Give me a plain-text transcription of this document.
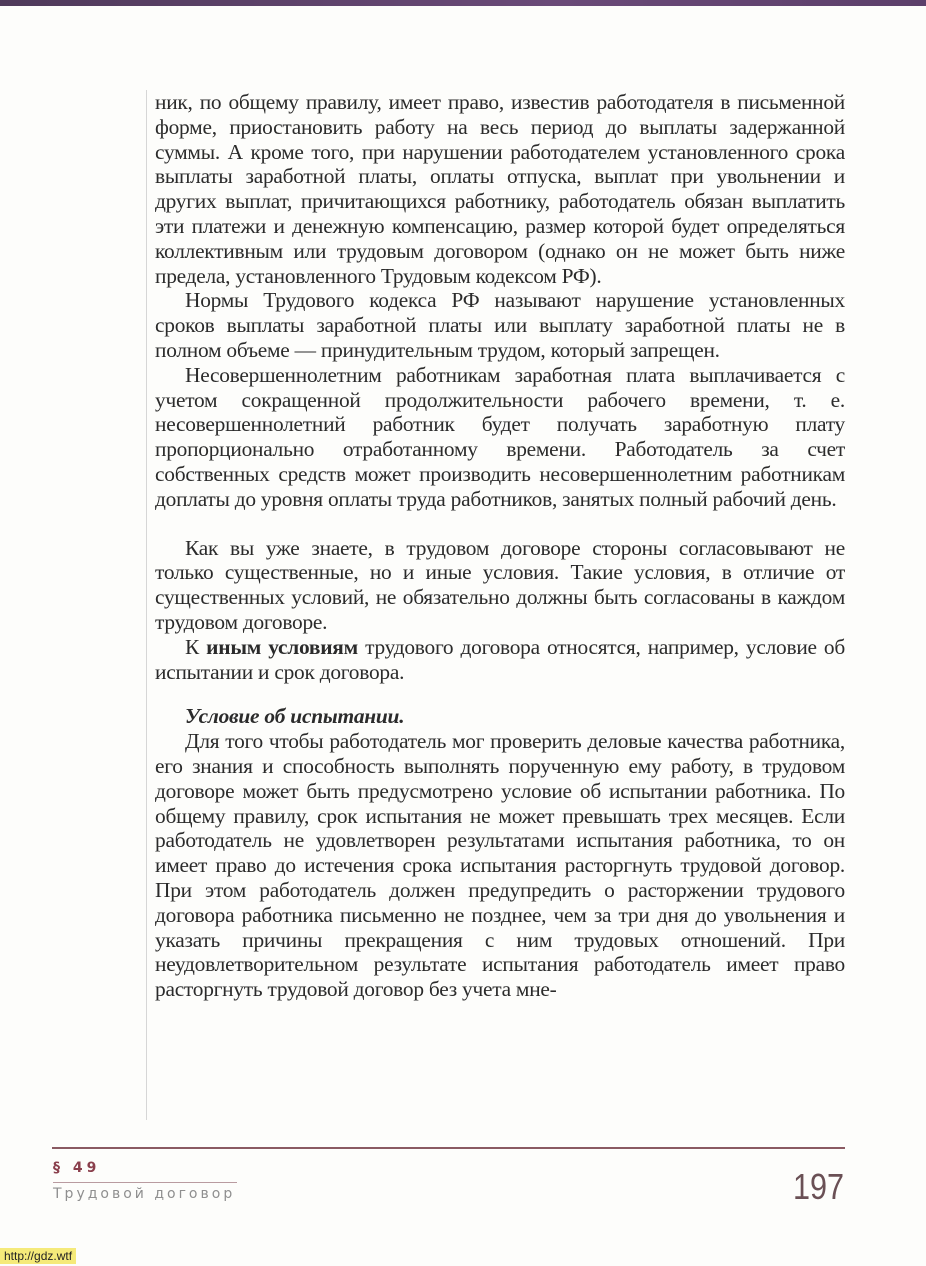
ник, по общему правилу, имеет право, известив работодателя в письменной форме, приостановить работу на весь период до выплаты задержанной суммы. А кроме того, при нарушении работодателем установленного срока выплаты заработной платы, оплаты отпуска, выплат при увольнении и других выплат, причитающихся работнику, работодатель обязан выплатить эти платежи и денежную компенсацию, размер которой будет определяться коллективным или трудовым договором (однако он не может быть ниже предела, установленного Трудовым кодексом РФ).

Нормы Трудового кодекса РФ называют нарушение установленных сроков выплаты заработной платы или выплату заработной платы не в полном объеме — принудительным трудом, который запрещен.

Несовершеннолетним работникам заработная плата выплачивается с учетом сокращенной продолжительности рабочего времени, т. е. несовершеннолетний работник будет получать заработную плату пропорционально отработанному времени. Работодатель за счет собственных средств может производить несовершеннолетним работникам доплаты до уровня оплаты труда работников, занятых полный рабочий день.

Как вы уже знаете, в трудовом договоре стороны согласовывают не только существенные, но и иные условия. Такие условия, в отличие от существенных условий, не обязательно должны быть согласованы в каждом трудовом договоре.

К иным условиям трудового договора относятся, например, условие об испытании и срок договора.

Условие об испытании.

Для того чтобы работодатель мог проверить деловые качества работника, его знания и способность выполнять порученную ему работу, в трудовом договоре может быть предусмотрено условие об испытании работника. По общему правилу, срок испытания не может превышать трех месяцев. Если работодатель не удовлетворен результатами испытания работника, то он имеет право до истечения срока испытания расторгнуть трудовой договор. При этом работодатель должен предупредить о расторжении трудового договора работника письменно не позднее, чем за три дня до увольнения и указать причины прекращения с ним трудовых отношений. При неудовлетворительном результате испытания работодатель имеет право расторгнуть трудовой договор без учета мне-

§ 49
Трудовой договор	197
http://gdz.wtf
